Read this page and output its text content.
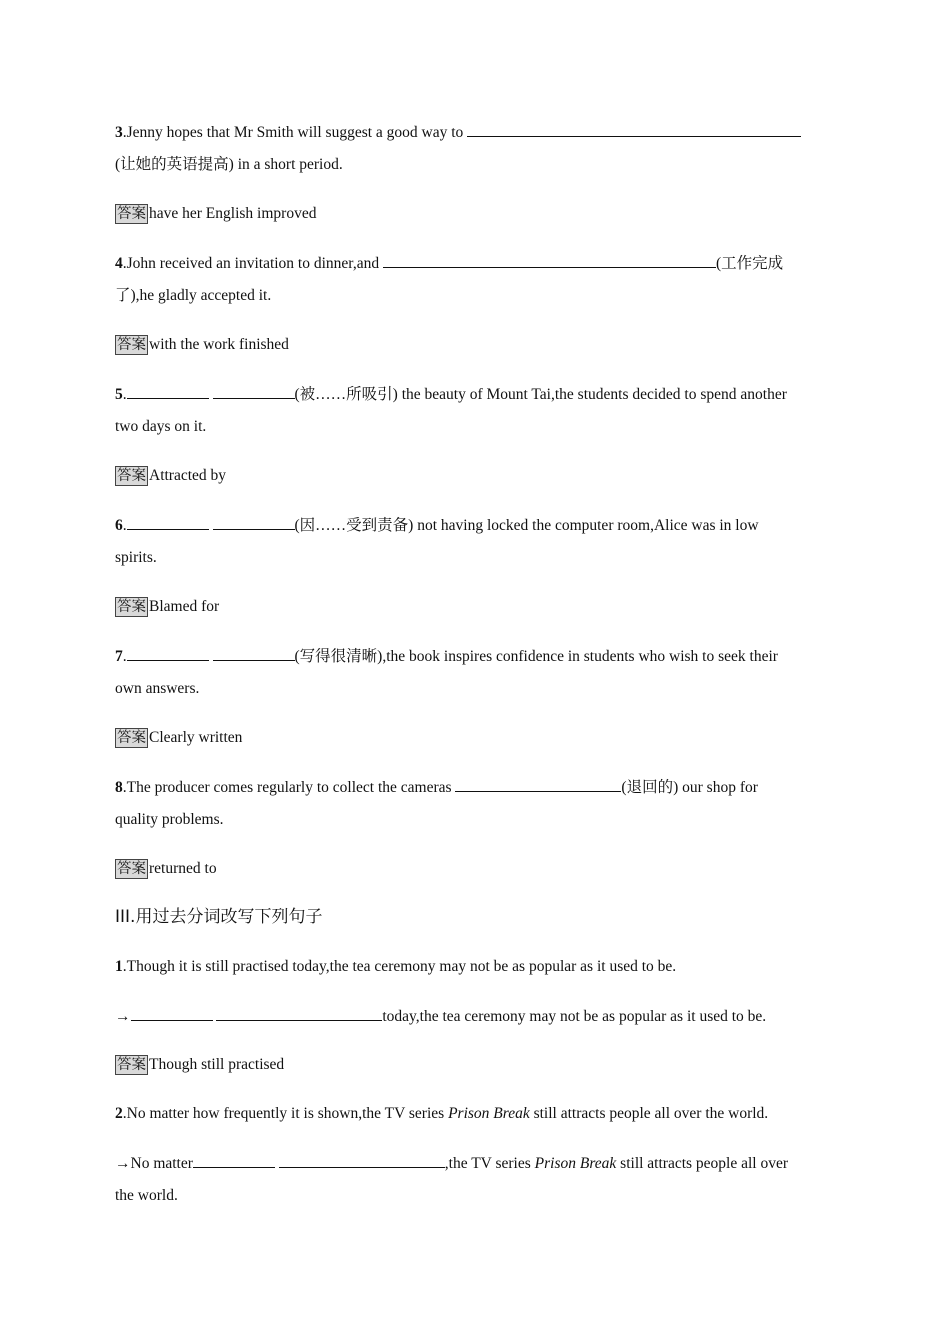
3.Jenny hopes that Mr Smith will suggest a good way to
(让她的英语提高) in a short period.
答案 have her English improved
4.John received an invitation to dinner,and	(工作完成
了),he gladly accepted it.
答案 with the work finished
5.	(被……所吸引) the beauty of Mount Tai,the students decided to spend another
two days on it.
答案 Attracted by
6.	(因……受到责备) not having locked the computer room,Alice was in low
spirits.
答案 Blamed for
7.	(写得很清晰),the book inspires confidence in students who wish to seek their
own answers.
答案 Clearly written
8.The producer comes regularly to collect the cameras	(退回的) our shop for
quality problems.
答案 returned to
III.用过去分词改写下列句子
1.Though it is still practised today,the tea ceremony may not be as popular as it used to be.
→	today,the tea ceremony may not be as popular as it used to be.
答案 Though still practised
2.No matter how frequently it is shown,the TV series Prison Break still attracts people all over the world.
→No matter	,the TV series Prison Break still attracts people all over
the world.
